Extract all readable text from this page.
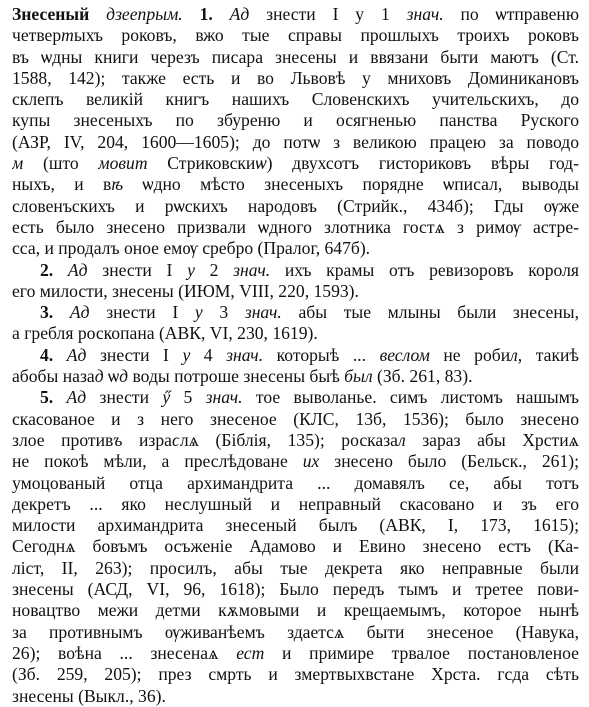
Знесеный дзеепрым. 1. Ад знести І у 1 знач. по ѡтправеню
четвертыхъ роковъ, вжо тые справы прошлыхъ троихъ роковъ
въ ѡдны книги черезъ писара знесены и ввязани быти маютъ (Ст.
1588, 142); также есть и во Львовѣ у мниховъ Доминикановъ
склепъ великій книгъ нашихъ Словенскихъ учительскихъ, до
купы знесеныхъ по збуреню и осягненью панства Руского
(АЗР, IV, 204, 1600—1605); до потѡ з великою працею за поводо
м (што мовит Стриковскиѡ) двухсотъ гисториковъ вѣры год-
ныхъ, и вѣ ѡдно мѣсто знесеныхъ порядне ѡписал, выводы
словенъскихъ и рѡскихъ народовъ (Стрийк., 434б); Гды ѹже
есть было знесено призвали ѡдного злотника гостѧ з римѹ астре-
сса, и продалъ оное емѹ сребро (Пралог, 647б).
2. Ад знести І у 2 знач. ихъ крамы отъ ревизоровъ короля
его милости, знесены (ИЮМ, VIII, 220, 1593).
3. Ад знести І у 3 знач. абы тые млыны были знесены,
а гребля роскопана (АВК, VI, 230, 1619).
4. Ад знести І у 4 знач. которыѣ ... веслом не робил, такиѣ
абобы назад ѡд воды потроше знесены быѣ был (Зб. 261, 83).
5. Ад знести ӳ 5 знач. тое выволанье. симъ листомъ нашымъ
скасованое и з него знесеное (КЛС, 13б, 1536); было знесено
злое противъ израϲлѧ (Біблія, 135); росказал зараз абы Хрстиѧ
не покоѣ мѣли, а преслѣдоване их знесено было (Бельск., 261);
умоцованый отца архимандрита ... домавялъ се, абы тотъ
декретъ ... яко неслушный и неправный скасовано и зъ его
милости архимандрита знесеный былъ (АВК, І, 173, 1615);
Сегоднѧ бовъмъ осъженіе Адамово и Евино знесено естъ (Ка-
ліст, II, 263); просилъ, абы тые декрета яко неправные были
знесены (АСД, VI, 96, 1618); Было передъ тымъ и третее пови-
новацтво межи детми кѫмовыми и крещаемымъ, которое нынѣ
за противнымъ ѹживанѣемъ здаетсѧ быти знесеное (Навука,
26); воѣна ... знесенаѧ ест и примире трвалое постановленое
(Зб. 259, 205); през смрть и змертвыхвстане Хрста. гсда сѣть
знесены (Выкл., 36).
